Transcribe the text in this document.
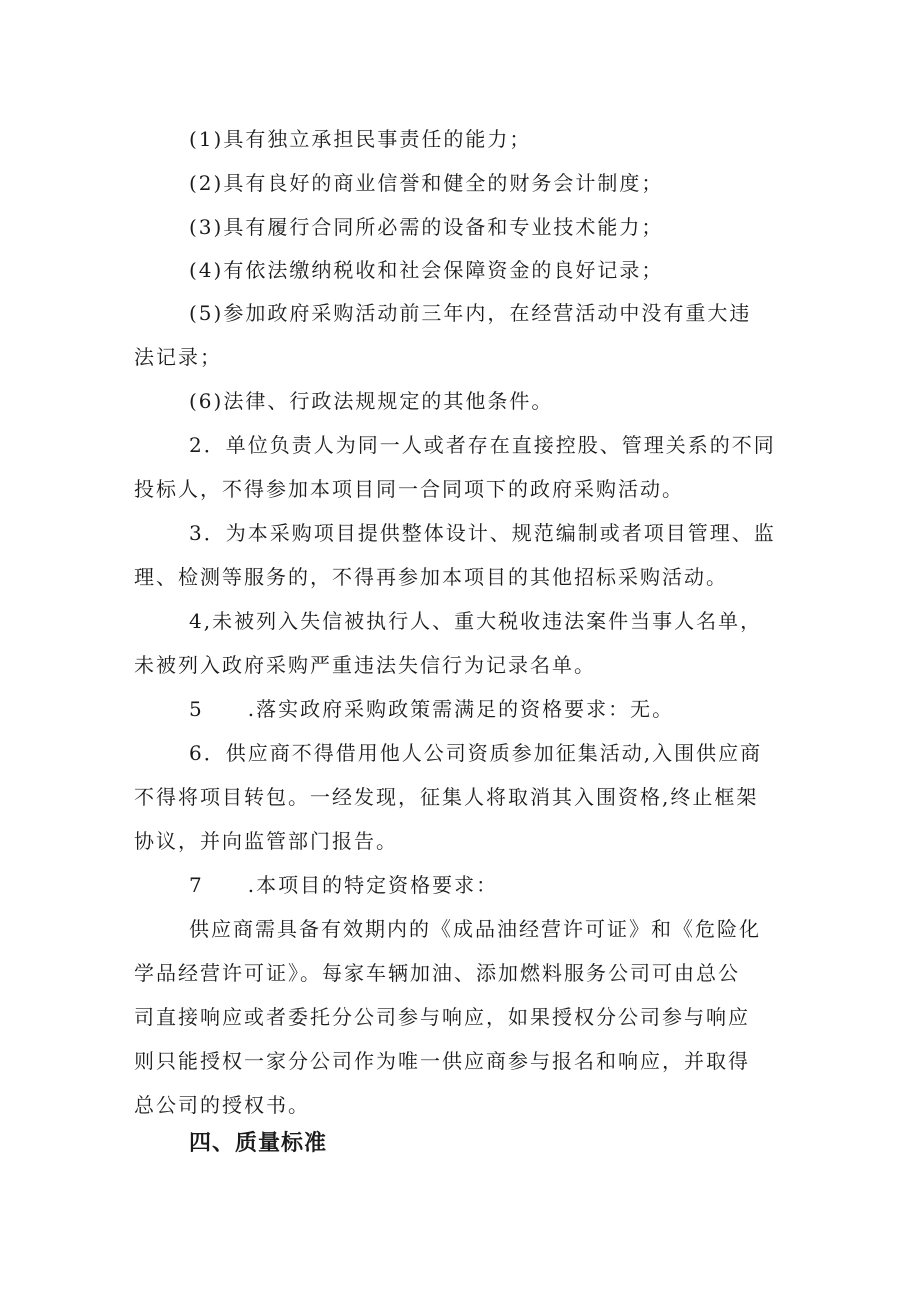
(1)具有独立承担民事责任的能力；
(2)具有良好的商业信誉和健全的财务会计制度；
(3)具有履行合同所必需的设备和专业技术能力；
(4)有依法缴纳税收和社会保障资金的良好记录；
(5)参加政府采购活动前三年内，在经营活动中没有重大违
法记录；
(6)法律、行政法规规定的其他条件。
2．单位负责人为同一人或者存在直接控股、管理关系的不同
投标人，不得参加本项目同一合同项下的政府采购活动。
3．为本采购项目提供整体设计、规范编制或者项目管理、监
理、检测等服务的，不得再参加本项目的其他招标采购活动。
4,未被列入失信被执行人、重大税收违法案件当事人名单，
未被列入政府采购严重违法失信行为记录名单。
5　　.落实政府采购政策需满足的资格要求：无。
6．供应商不得借用他人公司资质参加征集活动,入围供应商
不得将项目转包。一经发现，征集人将取消其入围资格,终止框架
协议，并向监管部门报告。
7　　.本项目的特定资格要求：
供应商需具备有效期内的《成品油经营许可证》和《危险化
学品经营许可证》。每家车辆加油、添加燃料服务公司可由总公
司直接响应或者委托分公司参与响应，如果授权分公司参与响应
则只能授权一家分公司作为唯一供应商参与报名和响应，并取得
总公司的授权书。
四、质量标准
